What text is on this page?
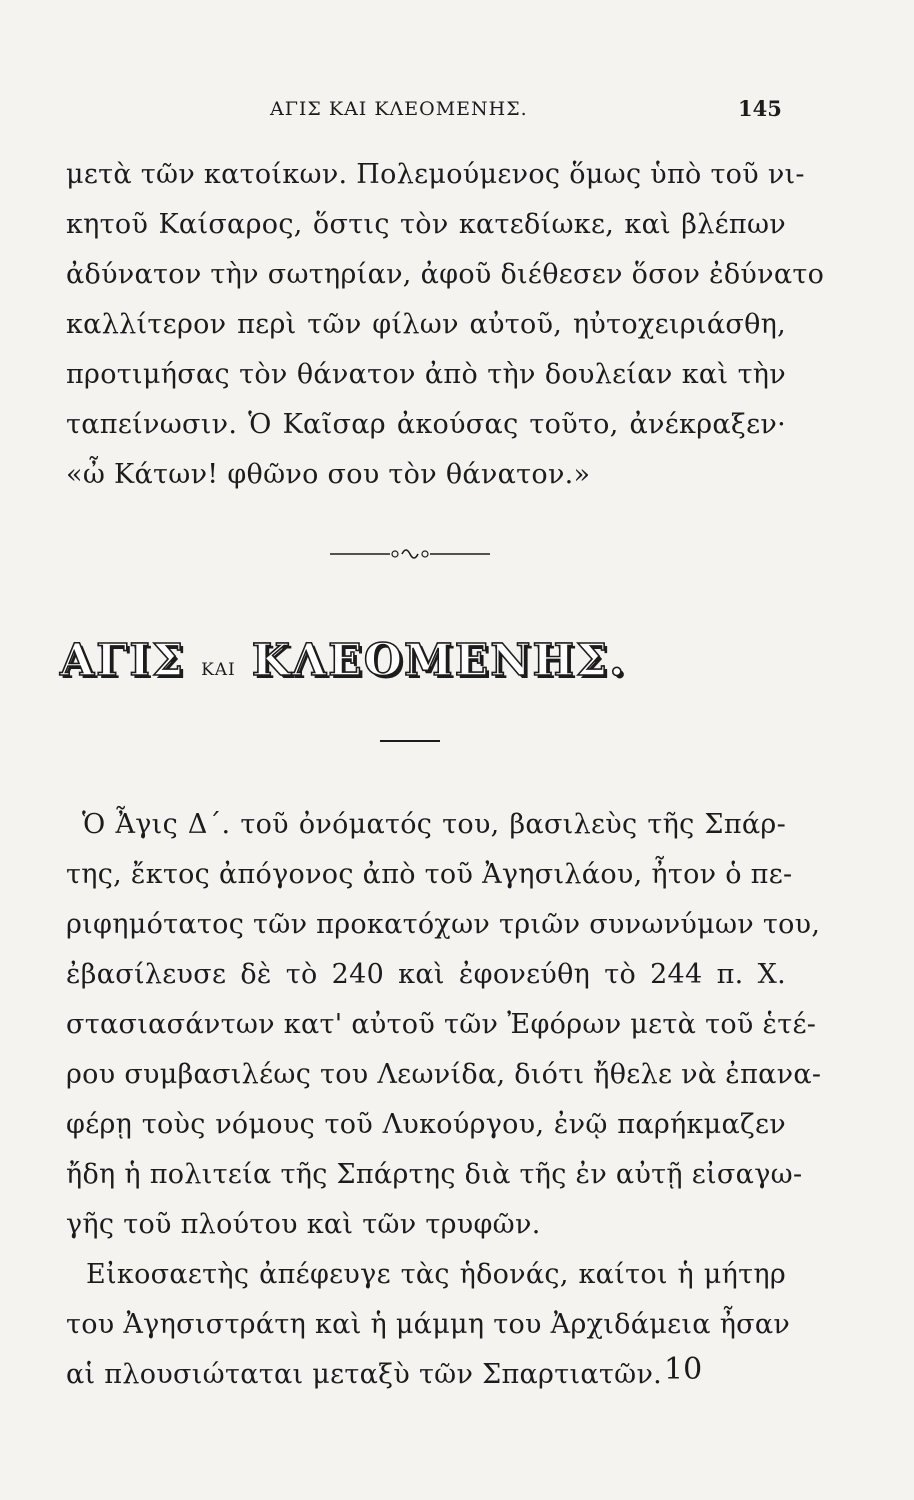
ΑΓΙΣ ΚΑΙ ΚΛΕΟΜΕΝΗΣ.	145
μετὰ τῶν κατοίκων. Πολεμούμενος ὅμως ὑπὸ τοῦ νι-
κητοῦ Καίσαρος, ὅστις τὸν κατεδίωκε, καὶ βλέπων
ἀδύνατον τὴν σωτηρίαν, ἀφοῦ διέθεσεν ὅσον ἐδύνατο
καλλίτερον περὶ τῶν φίλων αὐτοῦ, ηὐτοχειριάσθη,
προτιμήσας τὸν θάνατον ἀπὸ τὴν δουλείαν καὶ τὴν
ταπείνωσιν. Ὁ Καῖσαρ ἀκούσας τοῦτο, ἀνέκραξεν·
«ὦ Κάτων! φθῶνο σου τὸν θάνατον.»
ΑΓΙΣ ΚΑΙ ΚΛΕΟΜΕΝΗΣ.
Ὁ Ἆγις Δ΄. τοῦ ὀνόματός του, βασιλεὺς τῆς Σπάρ-
της, ἔκτος ἀπόγονος ἀπὸ τοῦ Ἀγησιλάου, ἦτον ὁ πε-
ριφημότατος τῶν προκατόχων τριῶν συνωνύμων του,
ἐβασίλευσε δὲ τὸ 240 καὶ ἐφονεύθη τὸ 244 π. Χ.
στασιασάντων κατ' αὐτοῦ τῶν Ἐφόρων μετὰ τοῦ ἑτέ-
ρου συμβασιλέως του Λεωνίδα, διότι ἤθελε νὰ ἐπανα-
φέρῃ τοὺς νόμους τοῦ Λυκούργου, ἐνῷ παρήκμαζεν
ἤδη ἡ πολιτεία τῆς Σπάρτης διὰ τῆς ἐν αὐτῇ εἰσαγω-
γῆς τοῦ πλούτου καὶ τῶν τρυφῶν.
Εἰκοσαετὴς ἀπέφευγε τὰς ἡδονάς, καίτοι ἡ μήτηρ
του Ἀγησιστράτη καὶ ἡ μάμμη του Ἀρχιδάμεια ἦσαν
αἱ πλουσιώταται μεταξὺ τῶν Σπαρτιατῶν. 10
